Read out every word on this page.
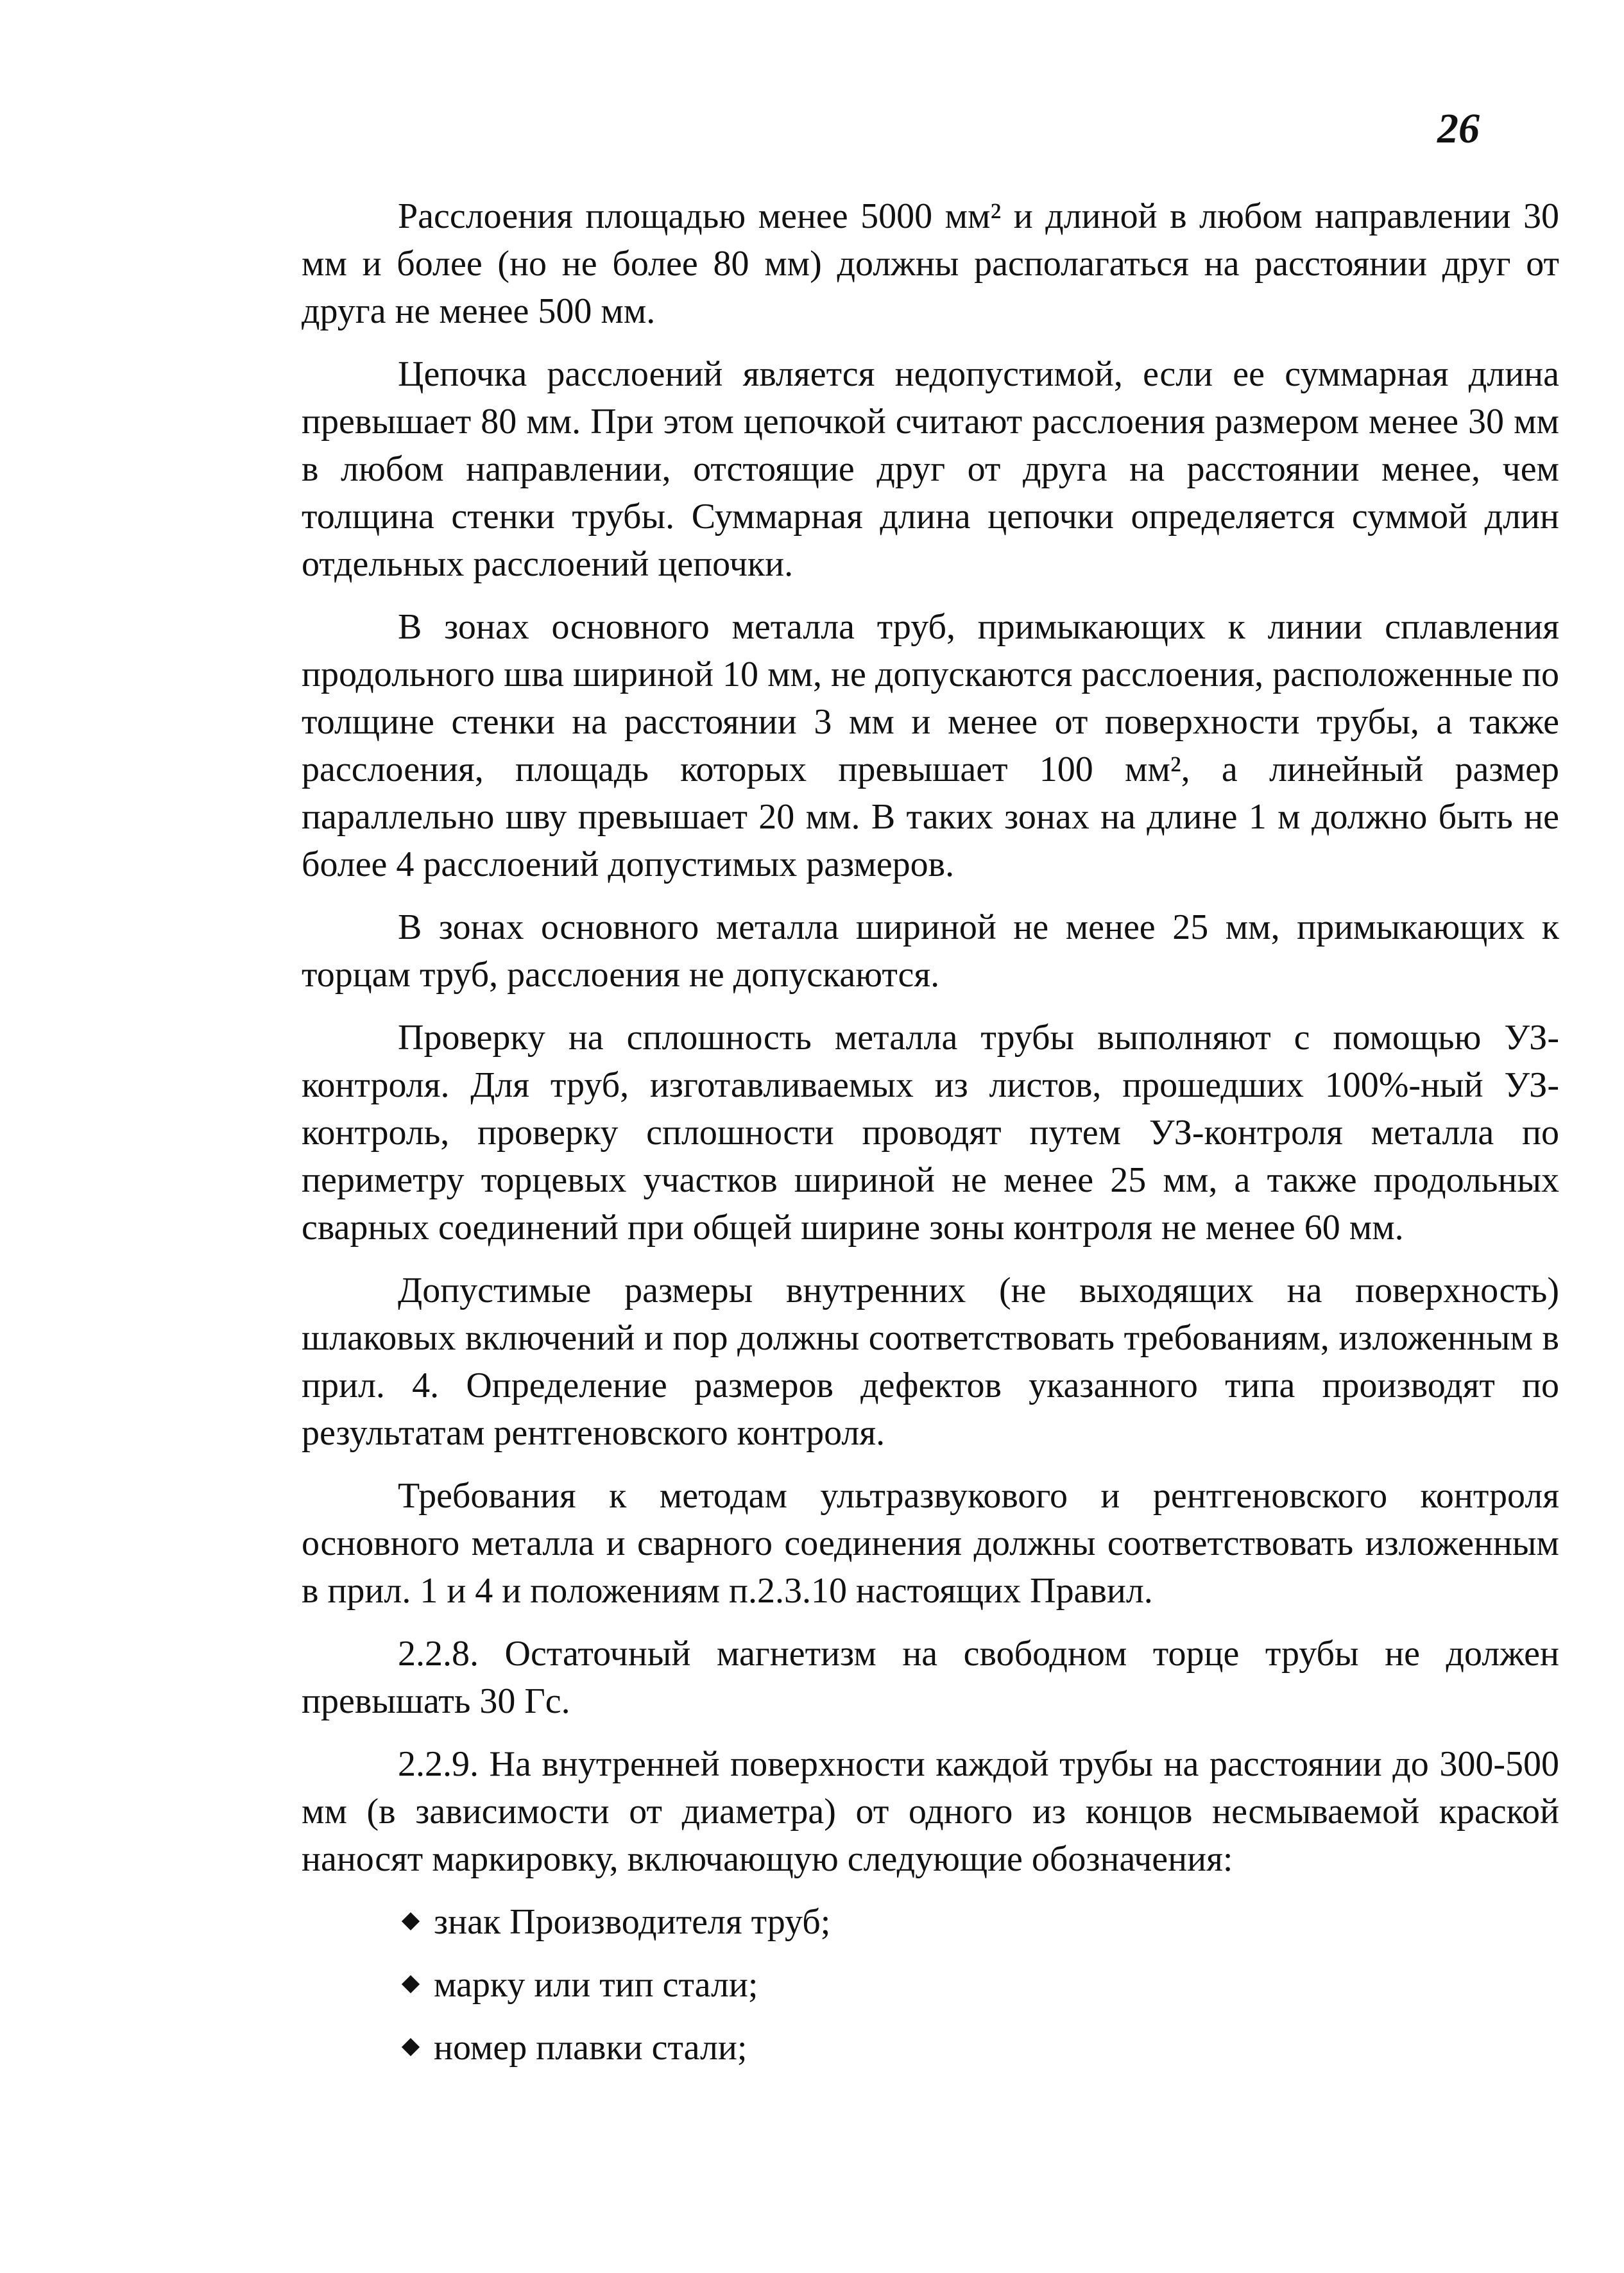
26

Расслоения площадью менее 5000 мм² и длиной в любом направлении 30 мм и более (но не более 80 мм) должны располагаться на расстоянии друг от друга не менее 500 мм.

Цепочка расслоений является недопустимой, если ее суммарная длина превышает 80 мм. При этом цепочкой считают расслоения размером менее 30 мм в любом направлении, отстоящие друг от друга на расстоянии менее, чем толщина стенки трубы. Суммарная длина цепочки определяется суммой длин отдельных расслоений цепочки.

В зонах основного металла труб, примыкающих к линии сплавления продольного шва шириной 10 мм, не допускаются расслоения, расположенные по толщине стенки на расстоянии 3 мм и менее от поверхности трубы, а также расслоения, площадь которых превышает 100 мм², а линейный размер параллельно шву превышает 20 мм. В таких зонах на длине 1 м должно быть не более 4 расслоений допустимых размеров.

В зонах основного металла шириной не менее 25 мм, примыкающих к торцам труб, расслоения не допускаются.

Проверку на сплошность металла трубы выполняют с помощью УЗ-контроля. Для труб, изготавливаемых из листов, прошедших 100%-ный УЗ-контроль, проверку сплошности проводят путем УЗ-контроля металла по периметру торцевых участков шириной не менее 25 мм, а также продольных сварных соединений при общей ширине зоны контроля не менее 60 мм.

Допустимые размеры внутренних (не выходящих на поверхность) шлаковых включений и пор должны соответствовать требованиям, изложенным в прил. 4. Определение размеров дефектов указанного типа производят по результатам рентгеновского контроля.

Требования к методам ультразвукового и рентгеновского контроля основного металла и сварного соединения должны соответствовать изложенным в прил. 1 и 4 и положениям п.2.3.10 настоящих Правил.

2.2.8. Остаточный магнетизм на свободном торце трубы не должен превышать 30 Гс.

2.2.9. На внутренней поверхности каждой трубы на расстоянии до 300-500 мм (в зависимости от диаметра) от одного из концов несмываемой краской наносят маркировку, включающую следующие обозначения:

знак Производителя труб;
марку или тип стали;
номер плавки стали;
